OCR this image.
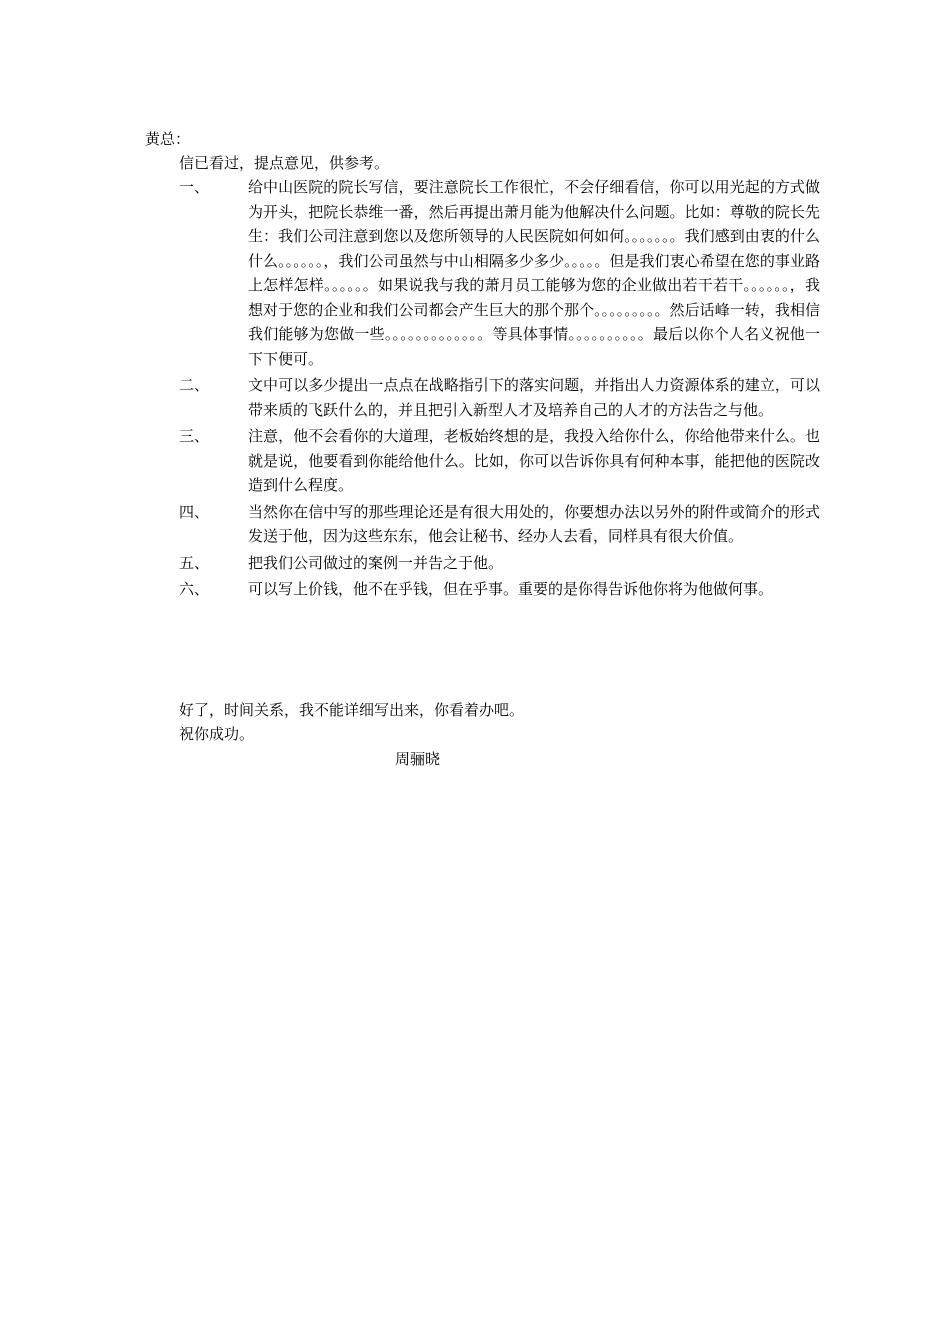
黄总：
信已看过，提点意见，供参考。
一、	给中山医院的院长写信，要注意院长工作很忙，不会仔细看信，你可以用光起的方式做为开头，把院长恭维一番，然后再提出萧月能为他解决什么问题。比如：尊敬的院长先生：我们公司注意到您以及您所领导的人民医院如何如何。。。。。。。我们感到由衷的什么什么。。。。。。，我们公司虽然与中山相隔多少多少。。。。。但是我们衷心希望在您的事业路上怎样怎样。。。。。。如果说我与我的萧月员工能够为您的企业做出若干若干。。。。。。，我想对于您的企业和我们公司都会产生巨大的那个那个。。。。。。。。。然后话峰一转，我相信我们能够为您做一些。。。。。。。。。。。。。等具体事情。。。。。。。。。。最后以你个人名义祝他一下下便可。
二、	文中可以多少提出一点点在战略指引下的落实问题，并指出人力资源体系的建立，可以带来质的飞跃什么的，并且把引入新型人才及培养自己的人才的方法告之与他。
三、	注意，他不会看你的大道理，老板始终想的是，我投入给你什么，你给他带来什么。也就是说，他要看到你能给他什么。比如，你可以告诉你具有何种本事，能把他的医院改造到什么程度。
四、	当然你在信中写的那些理论还是有很大用处的，你要想办法以另外的附件或简介的形式发送于他，因为这些东东，他会让秘书、经办人去看，同样具有很大价值。
五、	把我们公司做过的案例一并告之于他。
六、	可以写上价钱，他不在乎钱，但在乎事。重要的是你得告诉他你将为他做何事。
好了，时间关系，我不能详细写出来，你看着办吧。
祝你成功。
周骊晓
